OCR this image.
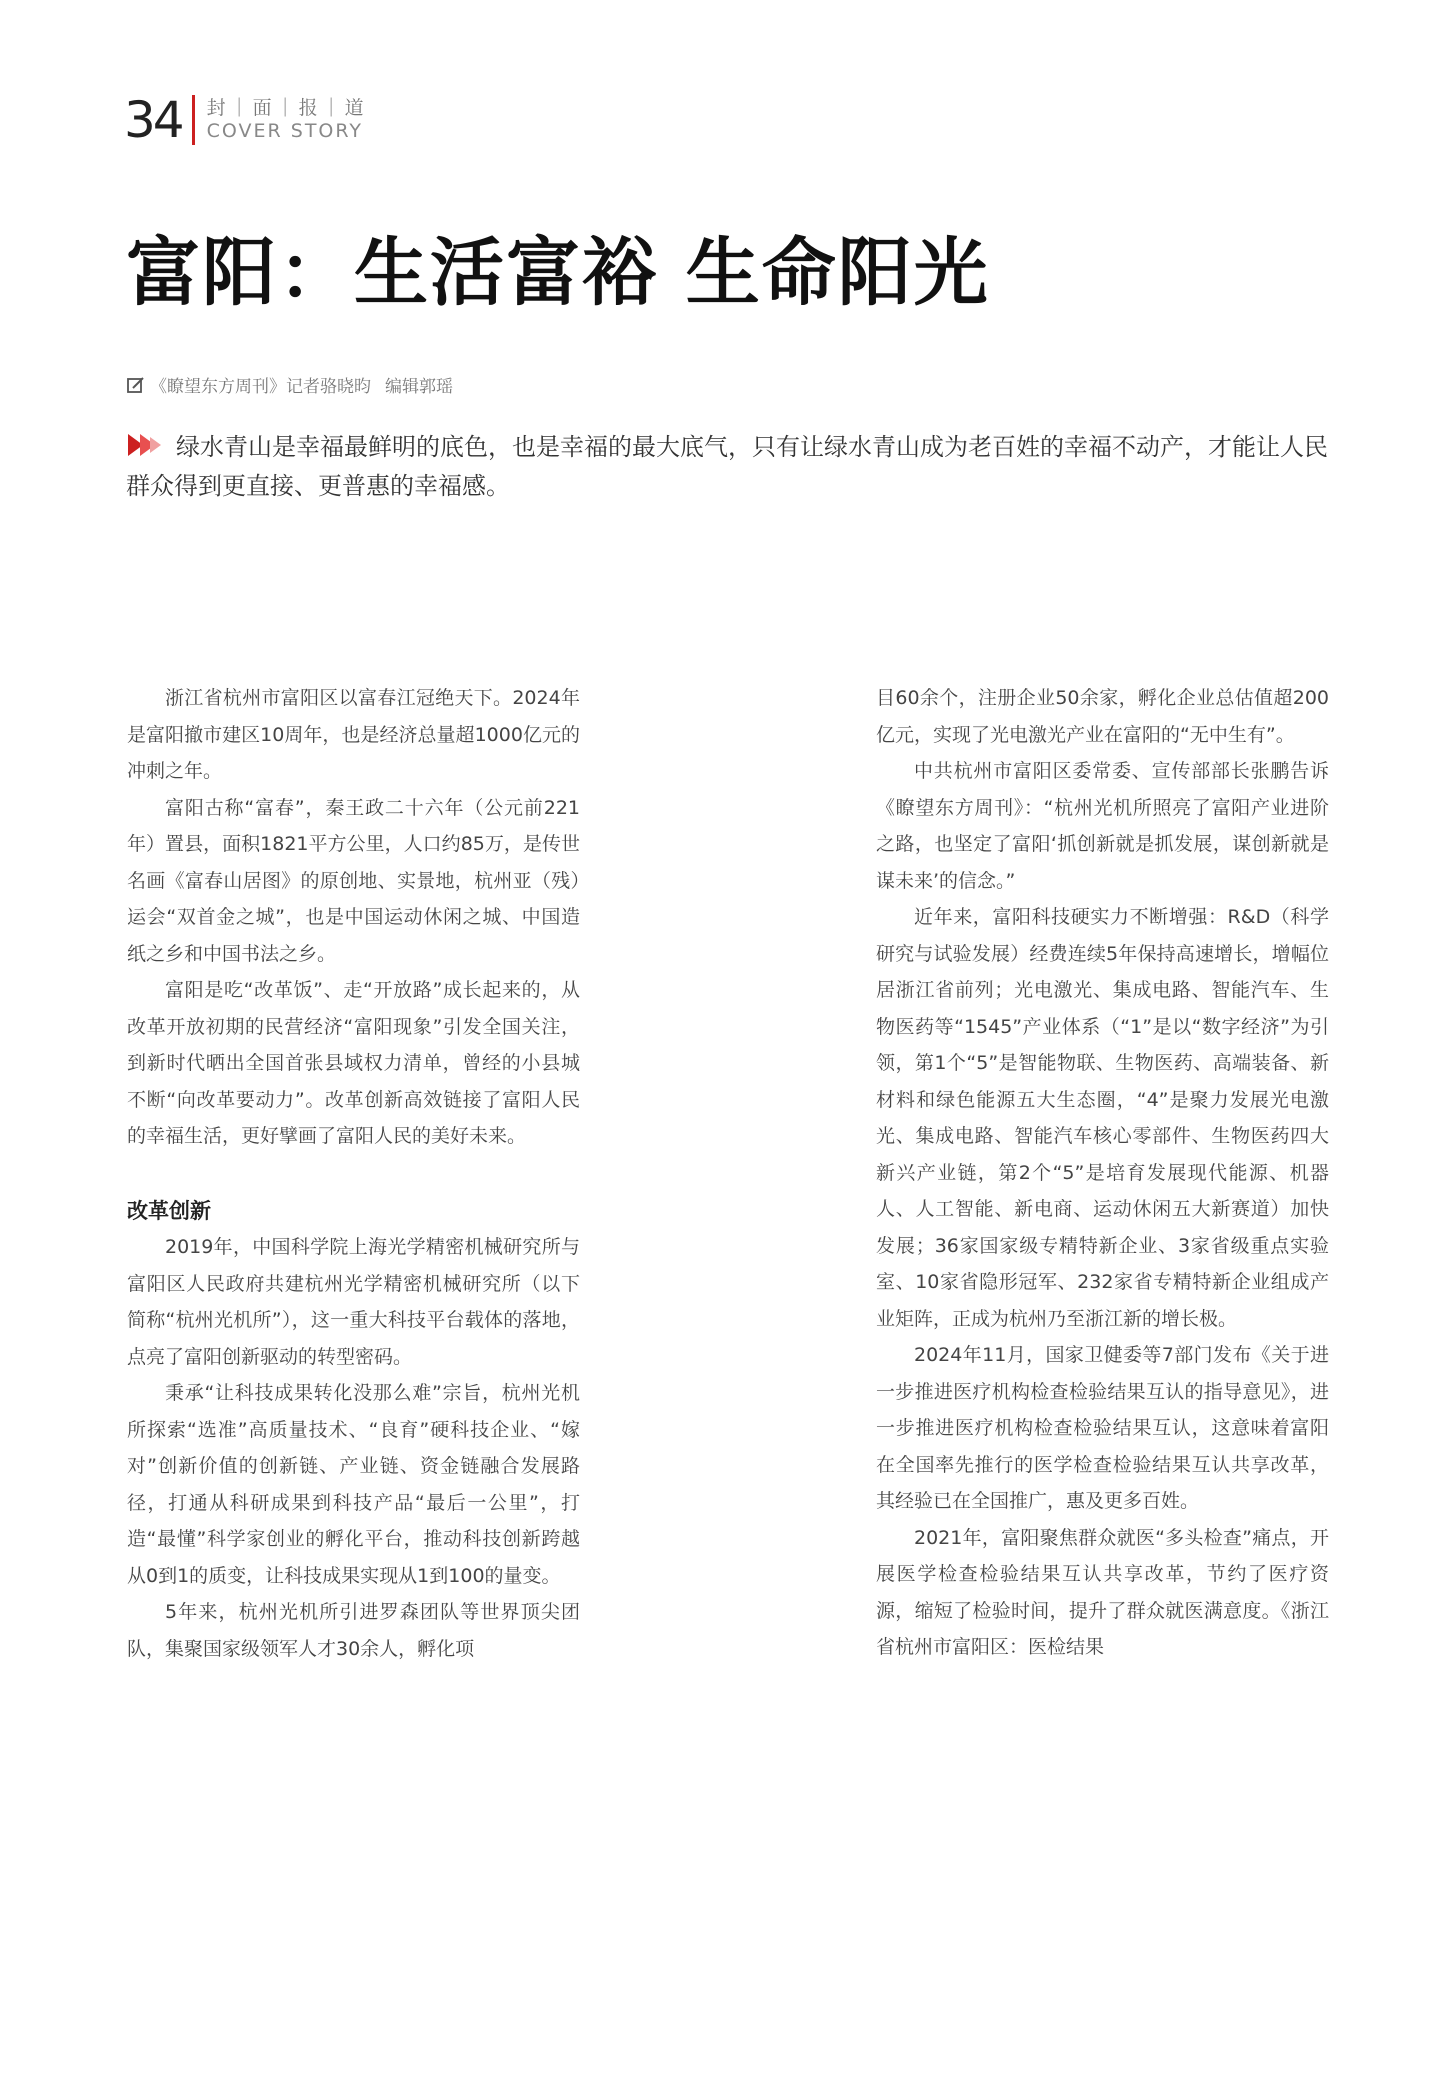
34	封｜面｜报｜道
COVER STORY
富阳：生活富裕 生命阳光
《瞭望东方周刊》记者 骆晓昀 编辑 郭瑶

绿水青山是幸福最鲜明的底色，也是幸福的最大底气，只有让绿水青山成为老百姓的幸福不动产，才能让人民群众得到更直接、更普惠的幸福感。

浙江省杭州市富阳区以富春江冠绝天下。2024年是富阳撤市建区10周年，也是经济总量超1000亿元的冲刺之年。

富阳古称“富春”，秦王政二十六年（公元前221年）置县，面积1821平方公里，人口约85万，是传世名画《富春山居图》的原创地、实景地，杭州亚（残）运会“双首金之城”，也是中国运动休闲之城、中国造纸之乡和中国书法之乡。

富阳是吃“改革饭”、走“开放路”成长起来的，从改革开放初期的民营经济“富阳现象”引发全国关注，到新时代晒出全国首张县域权力清单，曾经的小县城不断“向改革要动力”。改革创新高效链接了富阳人民的幸福生活，更好擘画了富阳人民的美好未来。

改革创新

2019年，中国科学院上海光学精密机械研究所与富阳区人民政府共建杭州光学精密机械研究所（以下简称“杭州光机所”），这一重大科技平台载体的落地，点亮了富阳创新驱动的转型密码。

秉承“让科技成果转化没那么难”宗旨，杭州光机所探索“选准”高质量技术、“良育”硬科技企业、“嫁对”创新价值的创新链、产业链、资金链融合发展路径，打通从科研成果到科技产品“最后一公里”，打造“最懂”科学家创业的孵化平台，推动科技创新跨越从0到1的质变，让科技成果实现从1到100的量变。

5年来，杭州光机所引进罗森团队等世界顶尖团队，集聚国家级领军人才30余人，孵化项

目60余个，注册企业50余家，孵化企业总估值超200亿元，实现了光电激光产业在富阳的“无中生有”。

中共杭州市富阳区委常委、宣传部部长张鹏告诉《瞭望东方周刊》：“杭州光机所照亮了富阳产业进阶之路，也坚定了富阳‘抓创新就是抓发展，谋创新就是谋未来’的信念。”

近年来，富阳科技硬实力不断增强：R&D（科学研究与试验发展）经费连续5年保持高速增长，增幅位居浙江省前列；光电激光、集成电路、智能汽车、生物医药等“1545”产业体系（“1”是以“数字经济”为引领，第1个“5”是智能物联、生物医药、高端装备、新材料和绿色能源五大生态圈，“4”是聚力发展光电激光、集成电路、智能汽车核心零部件、生物医药四大新兴产业链，第2个“5”是培育发展现代能源、机器人、人工智能、新电商、运动休闲五大新赛道）加快发展；36家国家级专精特新企业、3家省级重点实验室、10家省隐形冠军、232家省专精特新企业组成产业矩阵，正成为杭州乃至浙江新的增长极。

2024年11月，国家卫健委等7部门发布《关于进一步推进医疗机构检查检验结果互认的指导意见》，进一步推进医疗机构检查检验结果互认，这意味着富阳在全国率先推行的医学检查检验结果互认共享改革，其经验已在全国推广，惠及更多百姓。

2021年，富阳聚焦群众就医“多头检查”痛点，开展医学检查检验结果互认共享改革，节约了医疗资源，缩短了检验时间，提升了群众就医满意度。《浙江省杭州市富阳区：医检结果
